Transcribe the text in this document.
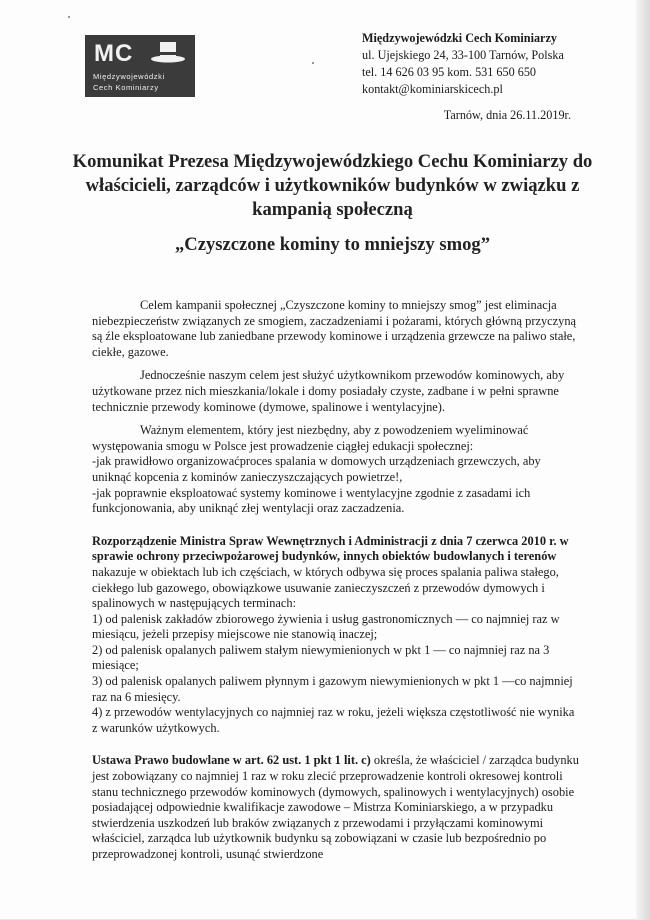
MC
Międzywojewódzki
Cech Kominiarzy
Międzywojewódzki Cech Kominiarzy
ul. Ujejskiego 24, 33-100 Tarnów, Polska
tel. 14 626 03 95 kom. 531 650 650
kontakt@kominiarskicech.pl
Tarnów, dnia 26.11.2019r.
Komunikat Prezesa Międzywojewódzkiego Cechu Kominiarzy do właścicieli, zarządców i użytkowników budynków w związku z kampanią społeczną
„Czyszczone kominy to mniejszy smog”

Celem kampanii społecznej „Czyszczone kominy to mniejszy smog” jest eliminacja niebezpieczeństw związanych ze smogiem, zaczadzeniami i pożarami, których główną przyczyną są źle eksploatowane lub zaniedbane przewody kominowe i urządzenia grzewcze na paliwo stałe, ciekłe, gazowe.

Jednocześnie naszym celem jest służyć użytkownikom przewodów kominowych, aby użytkowane przez nich mieszkania/lokale i domy posiadały czyste, zadbane i w pełni sprawne technicznie przewody kominowe (dymowe, spalinowe i wentylacyjne).

Ważnym elementem, który jest niezbędny, aby z powodzeniem wyeliminować występowania smogu w Polsce jest prowadzenie ciągłej edukacji społecznej:

-jak prawidłowo organizowaćproces spalania w domowych urządzeniach grzewczych, aby uniknąć kopcenia z kominów zanieczyszczających powietrze!,

-jak poprawnie eksploatować systemy kominowe i wentylacyjne zgodnie z zasadami ich funkcjonowania, aby uniknąć złej wentylacji oraz zaczadzenia.

Rozporządzenie Ministra Spraw Wewnętrznych i Administracji z dnia 7 czerwca 2010 r. w sprawie ochrony przeciwpożarowej budynków, innych obiektów budowlanych i terenów nakazuje w obiektach lub ich częściach, w których odbywa się proces spalania paliwa stałego, ciekłego lub gazowego, obowiązkowe usuwanie zanieczyszczeń z przewodów dymowych i spalinowych w następujących terminach:

1) od palenisk zakładów zbiorowego żywienia i usług gastronomicznych — co najmniej raz w miesiącu, jeżeli przepisy miejscowe nie stanowią inaczej;

2) od palenisk opalanych paliwem stałym niewymienionych w pkt 1 — co najmniej raz na 3 miesiące;

3) od palenisk opalanych paliwem płynnym i gazowym niewymienionych w pkt 1 —co najmniej raz na 6 miesięcy.

4) z przewodów wentylacyjnych co najmniej raz w roku, jeżeli większa częstotliwość nie wynika z warunków użytkowych.

Ustawa Prawo budowlane w art. 62 ust. 1 pkt 1 lit. c) określa, że właściciel / zarządca budynku jest zobowiązany co najmniej 1 raz w roku zlecić przeprowadzenie kontroli okresowej kontroli stanu technicznego przewodów kominowych (dymowych, spalinowych i wentylacyjnych) osobie posiadającej odpowiednie kwalifikacje zawodowe – Mistrza Kominiarskiego, a w przypadku stwierdzenia uszkodzeń lub braków związanych z przewodami i przyłączami kominowymi właściciel, zarządca lub użytkownik budynku są zobowiązani w czasie lub bezpośrednio po przeprowadzonej kontroli, usunąć stwierdzone
